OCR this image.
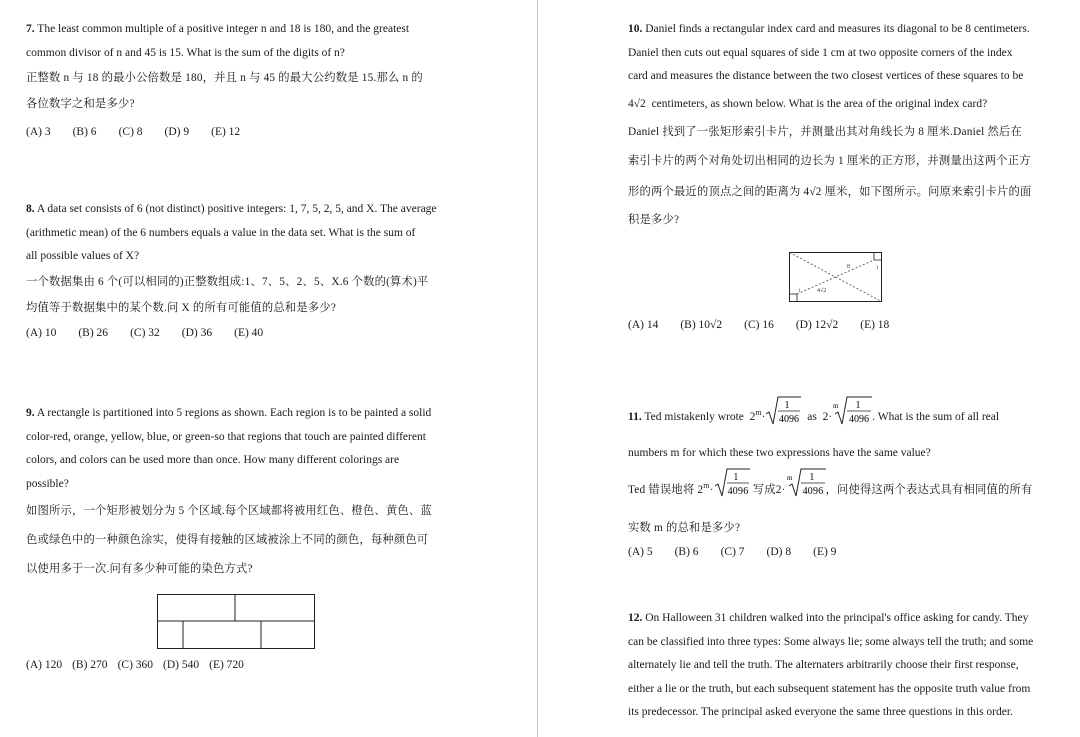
7. The least common multiple of a positive integer n and 18 is 180, and the greatest
common divisor of n and 45 is 15. What is the sum of the digits of n?
正整数 n 与 18 的最小公倍数是 180，并且 n 与 45 的最大公约数是 15.那么 n 的
各位数字之和是多少?
(A) 3 (B) 6 (C) 8 (D) 9 (E) 12
8. A data set consists of 6 (not distinct) positive integers: 1, 7, 5, 2, 5, and X. The average
(arithmetic mean) of the 6 numbers equals a value in the data set. What is the sum of
all possible values of X?
一个数据集由 6 个(可以相同的)正整数组成:1、7、5、2、5、X.6 个数的(算术)平
均值等于数据集中的某个数.问 X 的所有可能值的总和是多少?
(A) 10 (B) 26 (C) 32 (D) 36 (E) 40
9. A rectangle is partitioned into 5 regions as shown. Each region is to be painted a solid
color-red, orange, yellow, blue, or green-so that regions that touch are painted different
colors, and colors can be used more than once. How many different colorings are
possible?
如图所示，一个矩形被划分为 5 个区域.每个区域都将被用红色、橙色、黄色、蓝
色或绿色中的一种颜色涂实，使得有接触的区域被涂上不同的颜色，每种颜色可
以使用多于一次.问有多少种可能的染色方式?
(A) 120 (B) 270 (C) 360 (D) 540 (E) 720
10. Daniel finds a rectangular index card and measures its diagonal to be 8 centimeters.
Daniel then cuts out equal squares of side 1 cm at two opposite corners of the index
card and measures the distance between the two closest vertices of these squares to be
4√2 centimeters, as shown below. What is the area of the original index card?
Daniel 找到了一张矩形索引卡片，并测量出其对角线长为 8 厘米.Daniel 然后在
索引卡片的两个对角处切出相同的边长为 1 厘米的正方形，并测量出这两个正方
形的两个最近的顶点之间的距离为 4√2 厘米，如下图所示。问原来索引卡片的面
积是多少?
8
4√2
1
1
(A) 14 (B) 10√2 (C) 16 (D) 12√2 (E) 18
11. Ted mistakenly wrote $2^m\cdot$
1
4096 as 2·
m 1
4096 . What is the sum of all real
numbers m for which these two expressions have the same value?
Ted 错误地将 $2^m\cdot$
1
4096 写成2·
m 1
4096 ，问使得这两个表达式具有相同值的所有
实数 m 的总和是多少?
(A) 5 (B) 6 (C) 7 (D) 8 (E) 9
12. On Halloween 31 children walked into the principal's office asking for candy. They
can be classified into three types: Some always lie; some always tell the truth; and some
alternately lie and tell the truth. The alternaters arbitrarily choose their first response,
either a lie or the truth, but each subsequent statement has the opposite truth value from
its predecessor. The principal asked everyone the same three questions in this order.
